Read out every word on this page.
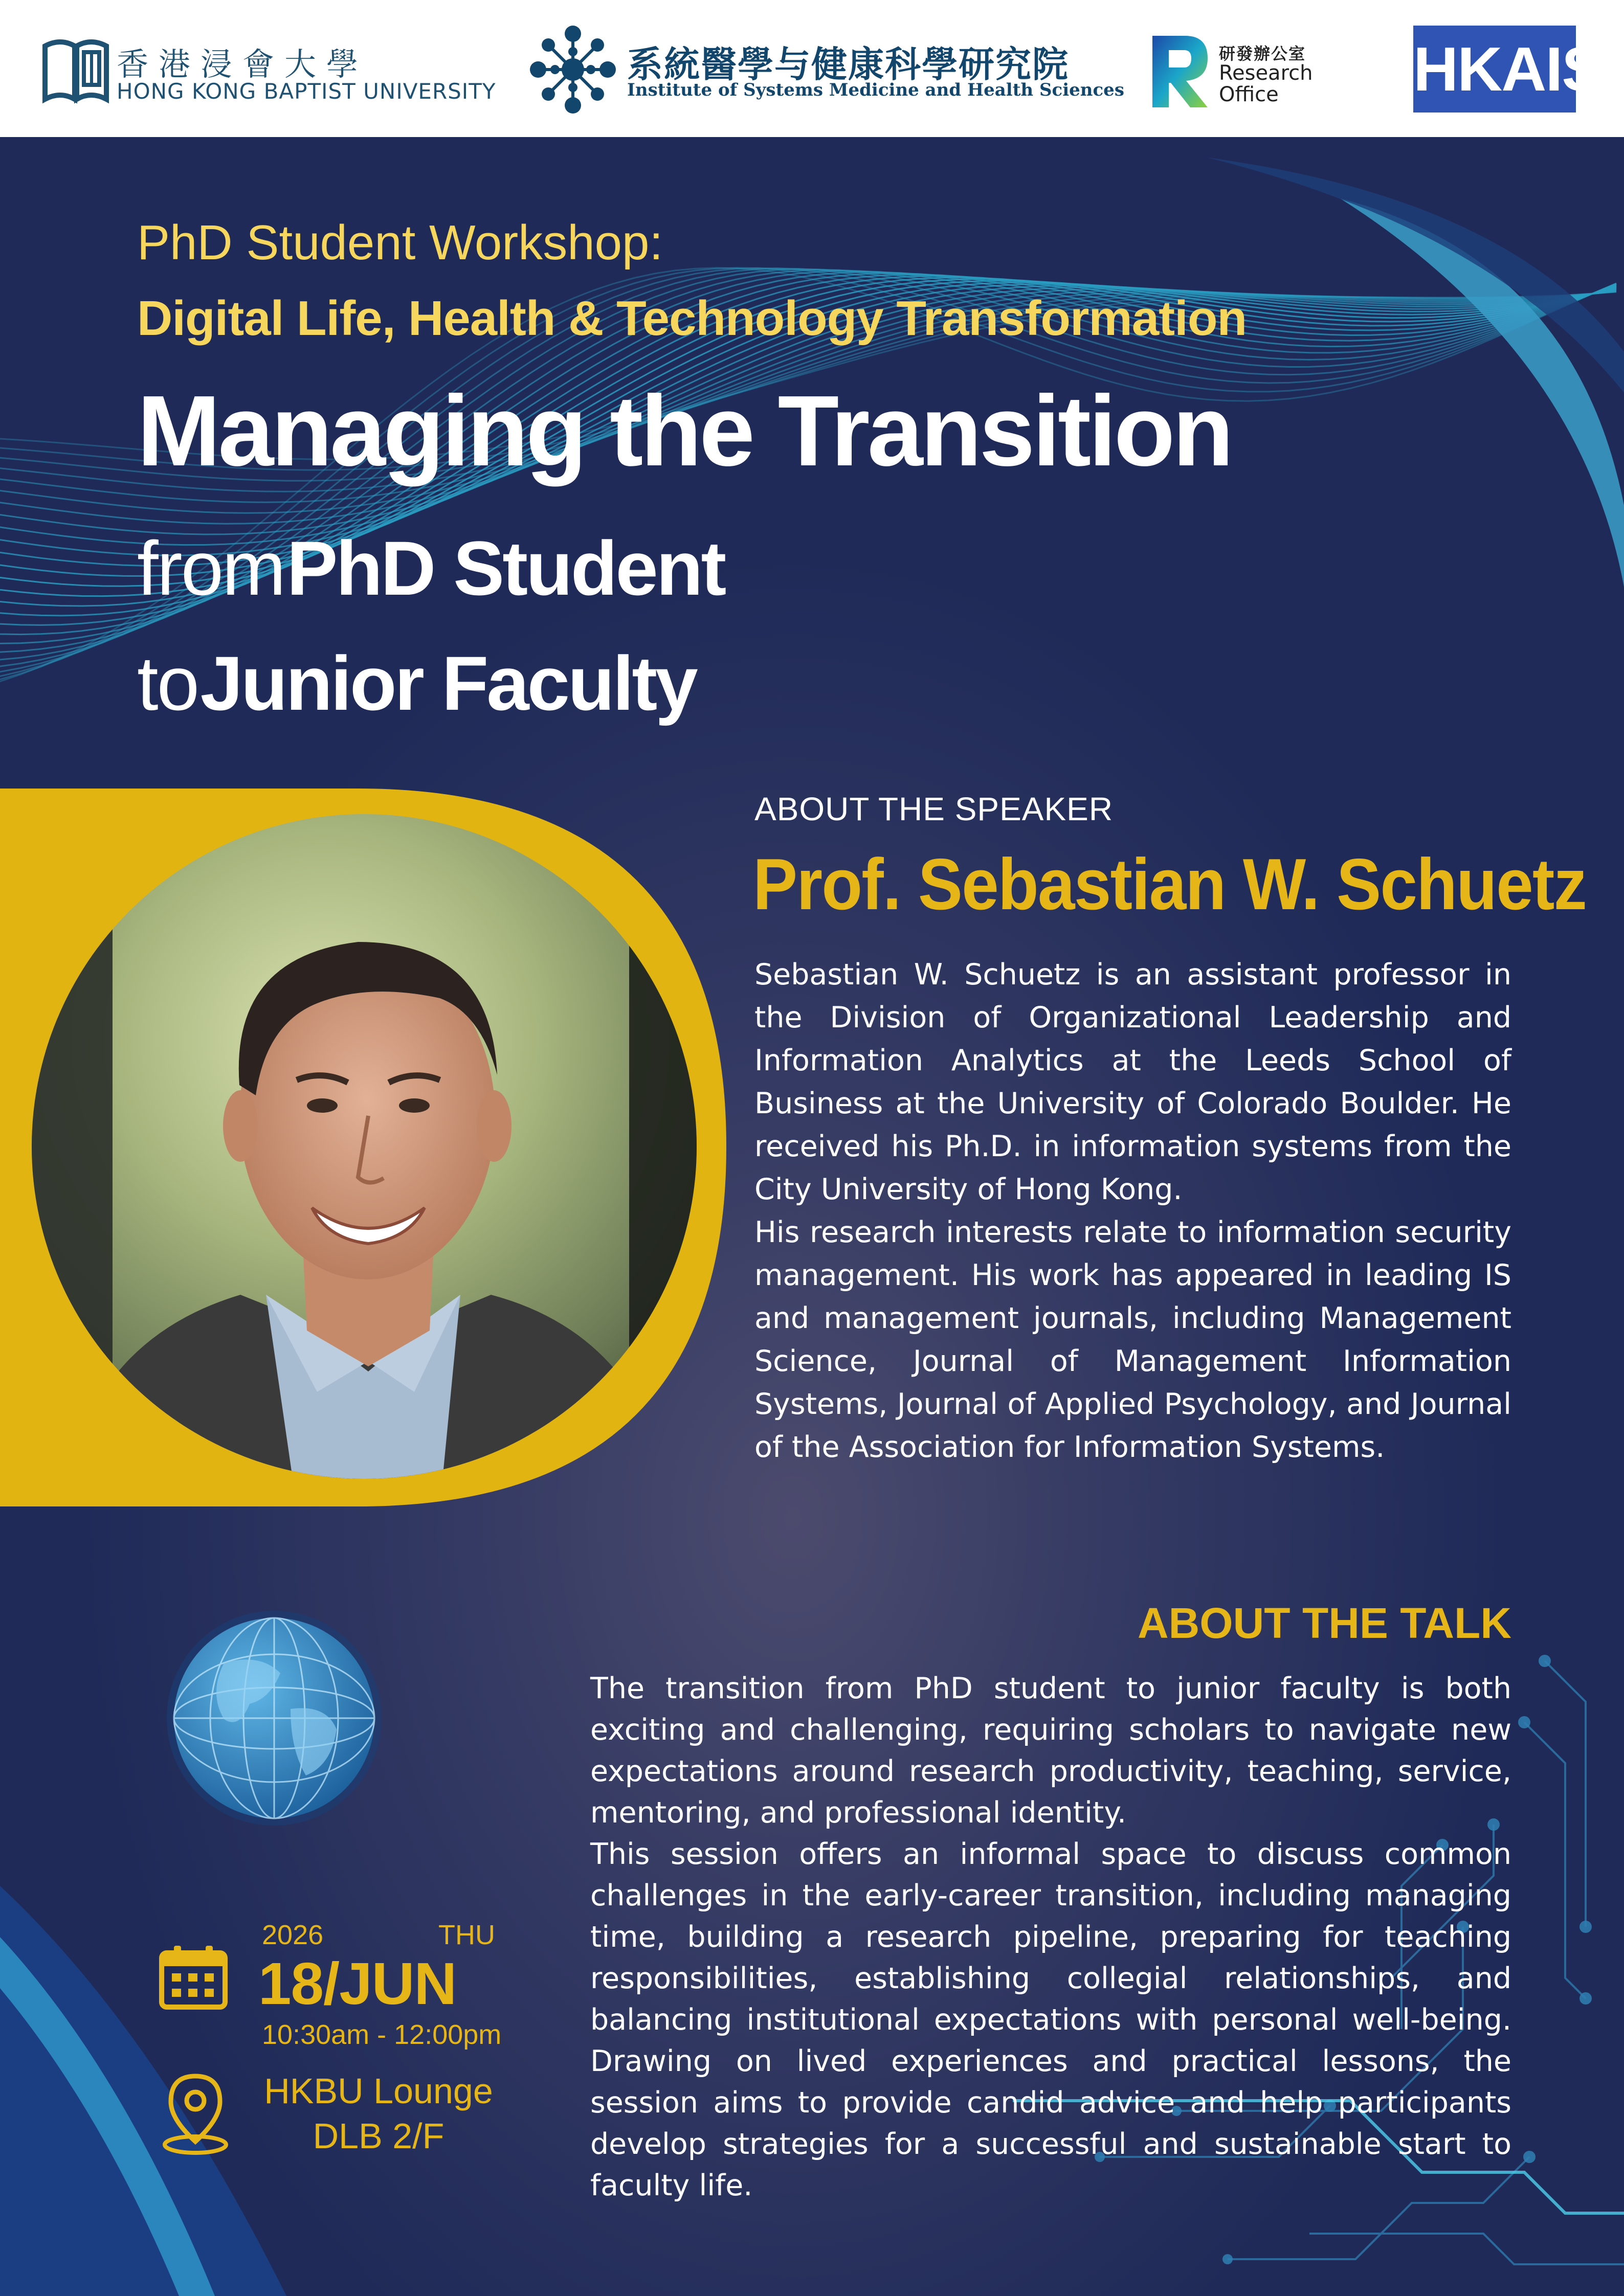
香港浸會大學
HONG KONG BAPTIST UNIVERSITY
系統醫學与健康科學研究院
Institute of Systems Medicine and Health Sciences
研發辦公室
Research Office	HKAIS
PhD Student Workshop:
Digital Life, Health & Technology Transformation
Managing the Transition
from PhD Student
to Junior Faculty
ABOUT THE SPEAKER
Prof. Sebastian W. Schuetz

Sebastian W. Schuetz is an assistant professor in the Division of Organizational Leadership and Information Analytics at the Leeds School of Business at the University of Colorado Boulder. He received his Ph.D. in information systems from the City University of Hong Kong.

His research interests relate to information security management. His work has appeared in leading IS and management journals, including Management Science, Journal of Management Information Systems, Journal of Applied Psychology, and Journal of the Association for Information Systems.

2026	THU
18/JUN
10:30am - 12:00pm
HKBU Lounge
DLB 2/F
ABOUT THE TALK

The transition from PhD student to junior faculty is both exciting and challenging, requiring scholars to navigate new expectations around research productivity, teaching, service, mentoring, and professional identity.

This session offers an informal space to discuss common challenges in the early-career transition, including managing time, building a research pipeline, preparing for teaching responsibilities, establishing collegial relationships, and balancing institutional expectations with personal well-being. Drawing on lived experiences and practical lessons, the session aims to provide candid advice and help participants develop strategies for a successful and sustainable start to faculty life.
